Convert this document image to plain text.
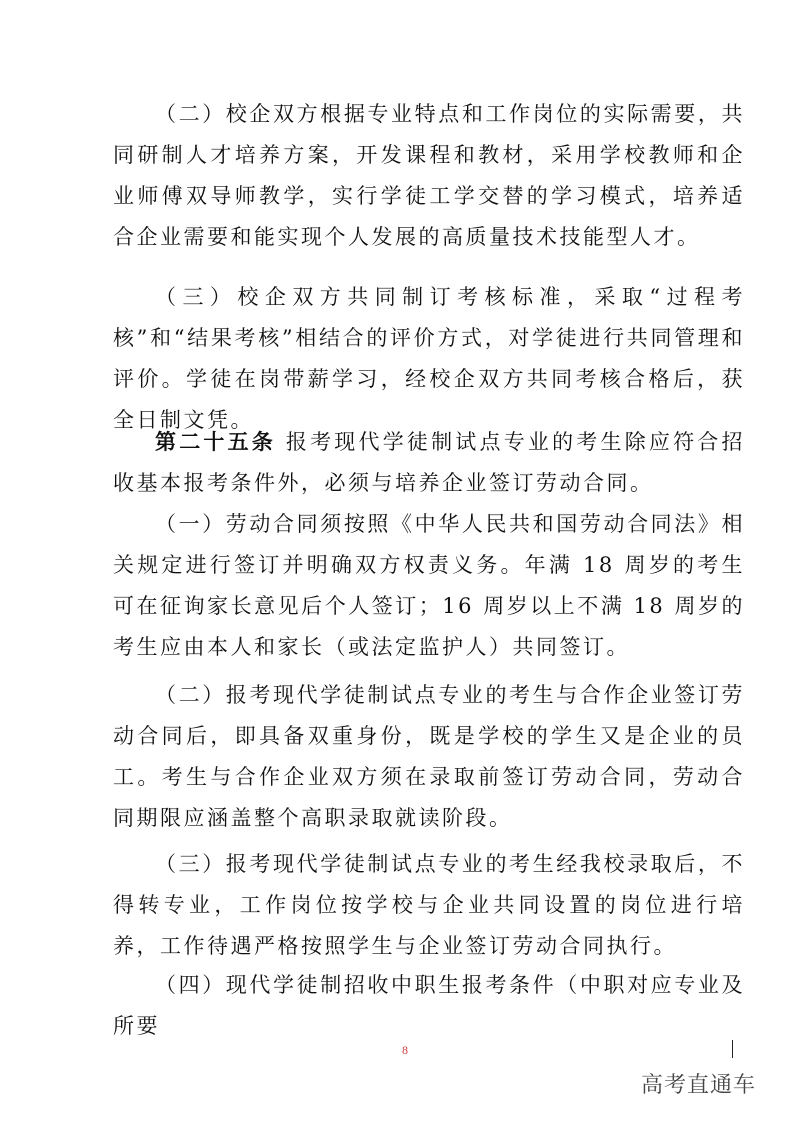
（二）校企双方根据专业特点和工作岗位的实际需要，共同研制人才培养方案，开发课程和教材，采用学校教师和企业师傅双导师教学，实行学徒工学交替的学习模式，培养适合企业需要和能实现个人发展的高质量技术技能型人才。

（三）校企双方共同制订考核标准，采取“过程考核”和“结果考核”相结合的评价方式，对学徒进行共同管理和评价。学徒在岗带薪学习，经校企双方共同考核合格后，获全日制文凭。

第二十五条 报考现代学徒制试点专业的考生除应符合招收基本报考条件外，必须与培养企业签订劳动合同。

（一）劳动合同须按照《中华人民共和国劳动合同法》相关规定进行签订并明确双方权责义务。年满 18 周岁的考生可在征询家长意见后个人签订；16 周岁以上不满 18 周岁的考生应由本人和家长（或法定监护人）共同签订。

（二）报考现代学徒制试点专业的考生与合作企业签订劳动合同后，即具备双重身份，既是学校的学生又是企业的员工。考生与合作企业双方须在录取前签订劳动合同，劳动合同期限应涵盖整个高职录取就读阶段。

（三）报考现代学徒制试点专业的考生经我校录取后，不得转专业，工作岗位按学校与企业共同设置的岗位进行培养，工作待遇严格按照学生与企业签订劳动合同执行。

（四）现代学徒制招收中职生报考条件（中职对应专业及所要

8
高考直通车
